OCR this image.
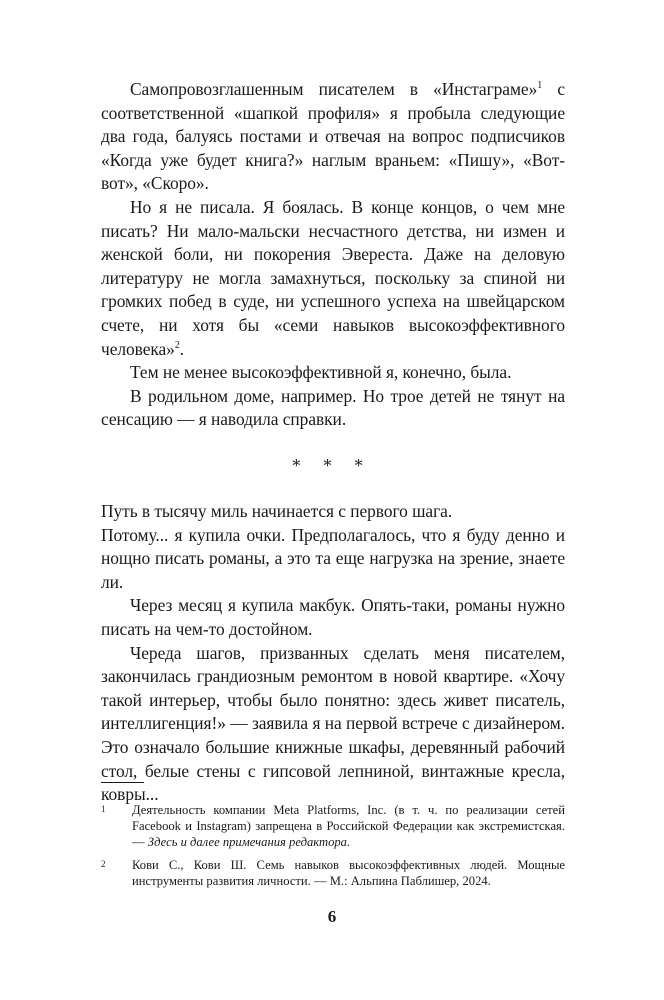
Самопровозглашенным писателем в «Инстаграме»$^1$ с соответственной «шапкой профиля» я пробыла следующие два года, балуясь постами и отвечая на вопрос подписчиков «Когда уже будет книга?» наглым враньем: «Пишу», «Вот-вот», «Скоро».

Но я не писала. Я боялась. В конце концов, о чем мне писать? Ни мало-мальски несчастного детства, ни измен и женской боли, ни покорения Эвереста. Даже на деловую литературу не могла замахнуться, поскольку за спиной ни громких побед в суде, ни успешного успеха на швейцарском счете, ни хотя бы «семи навыков высокоэффективного человека»$^2$.

Тем не менее высокоэффективной я, конечно, была.

В родильном доме, например. Но трое детей не тянут на сенсацию — я наводила справки.

* * *

Путь в тысячу миль начинается с первого шага.

Потому... я купила очки. Предполагалось, что я буду денно и нощно писать романы, а это та еще нагрузка на зрение, знаете ли.

Через месяц я купила макбук. Опять-таки, романы нужно писать на чем-то достойном.

Череда шагов, призванных сделать меня писателем, закончилась грандиозным ремонтом в новой квартире. «Хочу такой интерьер, чтобы было понятно: здесь живет писатель, интеллигенция!» — заявила я на первой встрече с дизайнером. Это означало большие книжные шкафы, деревянный рабочий стол, белые стены с гипсовой лепниной, винтажные кресла, ковры...

1 Деятельность компании Meta Platforms, Inc. (в т. ч. по реализации сетей Facebook и Instagram) запрещена в Российской Федерации как экстремистская. — Здесь и далее примечания редактора.
2 Кови С., Кови Ш. Семь навыков высокоэффективных людей. Мощные инструменты развития личности. — М.: Альпина Паблишер, 2024.
6
